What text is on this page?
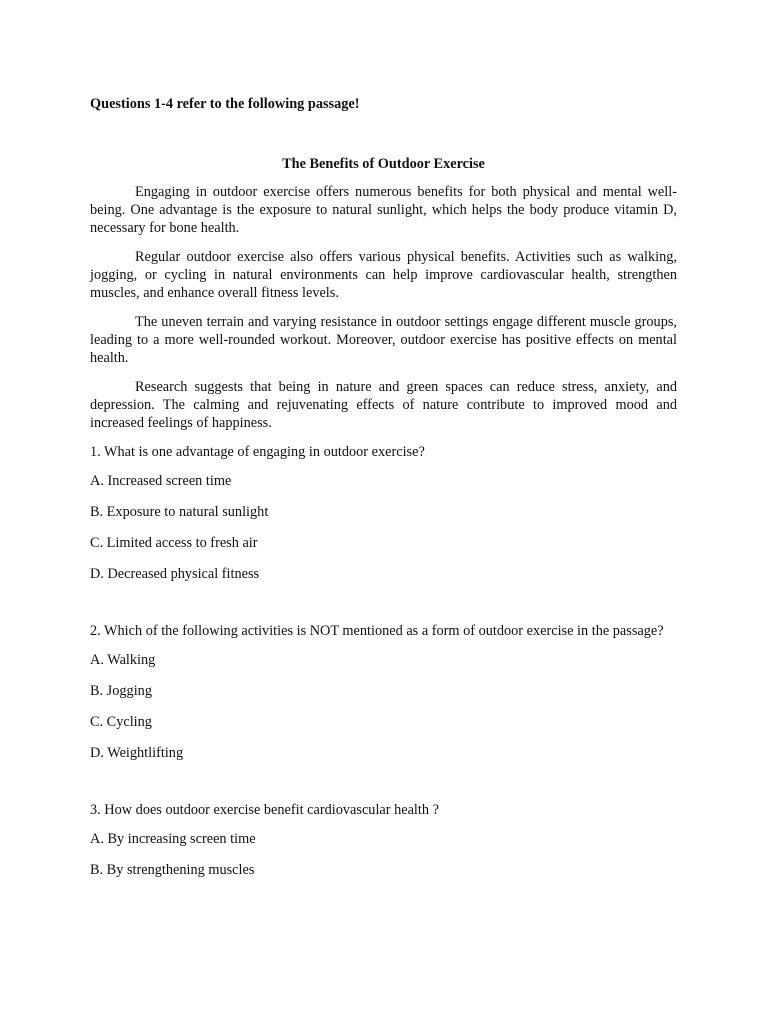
Questions 1-4 refer to the following passage!

The Benefits of Outdoor Exercise

Engaging in outdoor exercise offers numerous benefits for both physical and mental well-being. One advantage is the exposure to natural sunlight, which helps the body produce vitamin D, necessary for bone health.

Regular outdoor exercise also offers various physical benefits. Activities such as walking, jogging, or cycling in natural environments can help improve cardiovascular health, strengthen muscles, and enhance overall fitness levels.

The uneven terrain and varying resistance in outdoor settings engage different muscle groups, leading to a more well-rounded workout. Moreover, outdoor exercise has positive effects on mental health.

Research suggests that being in nature and green spaces can reduce stress, anxiety, and depression. The calming and rejuvenating effects of nature contribute to improved mood and increased feelings of happiness.

1. What is one advantage of engaging in outdoor exercise?

A. Increased screen time

B. Exposure to natural sunlight

C. Limited access to fresh air

D. Decreased physical fitness

2. Which of the following activities is NOT mentioned as a form of outdoor exercise in the passage?

A. Walking

B. Jogging

C. Cycling

D. Weightlifting

3. How does outdoor exercise benefit cardiovascular health ?

A. By increasing screen time

B. By strengthening muscles
